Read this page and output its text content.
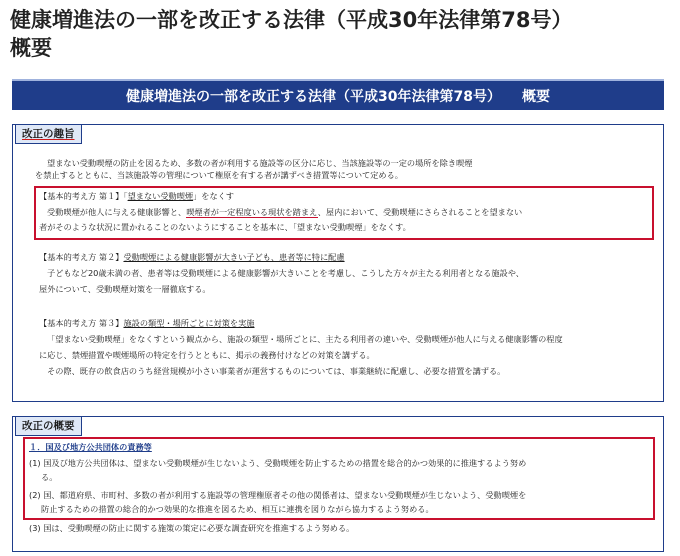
健康増進法の一部を改正する法律（平成30年法律第78号）
概要
健康増進法の一部を改正する法律（平成30年法律第78号）　　概要
改正の趣旨
望まない受動喫煙の防止を図るため、多数の者が利用する施設等の区分に応じ、当該施設等の一定の場所を除き喫煙
を禁止するとともに、当該施設等の管理について権原を有する者が講ずべき措置等について定める。
【基本的考え方 第１】「望まない受動喫煙」をなくす
受動喫煙が他人に与える健康影響と、喫煙者が一定程度いる現状を踏まえ、屋内において、受動喫煙にさらされることを望まない
者がそのような状況に置かれることのないようにすることを基本に、「望まない受動喫煙」をなくす。
【基本的考え方 第２】受動喫煙による健康影響が大きい子ども、患者等に特に配慮
子どもなど20歳未満の者、患者等は受動喫煙による健康影響が大きいことを考慮し、こうした方々が主たる利用者となる施設や、
屋外について、受動喫煙対策を一層徹底する。
【基本的考え方 第３】施設の類型・場所ごとに対策を実施
「望まない受動喫煙」をなくすという観点から、施設の類型・場所ごとに、主たる利用者の違いや、受動喫煙が他人に与える健康影響の程度
に応じ、禁煙措置や喫煙場所の特定を行うとともに、掲示の義務付けなどの対策を講ずる。
その際、既存の飲食店のうち経営規模が小さい事業者が運営するものについては、事業継続に配慮し、必要な措置を講ずる。
改正の概要
１．国及び地方公共団体の責務等
(1) 国及び地方公共団体は、望まない受動喫煙が生じないよう、受動喫煙を防止するための措置を総合的かつ効果的に推進するよう努め
る。
(2) 国、都道府県、市町村、多数の者が利用する施設等の管理権原者その他の関係者は、望まない受動喫煙が生じないよう、受動喫煙を
防止するための措置の総合的かつ効果的な推進を図るため、相互に連携を図りながら協力するよう努める。
(3) 国は、受動喫煙の防止に関する施策の策定に必要な調査研究を推進するよう努める。
